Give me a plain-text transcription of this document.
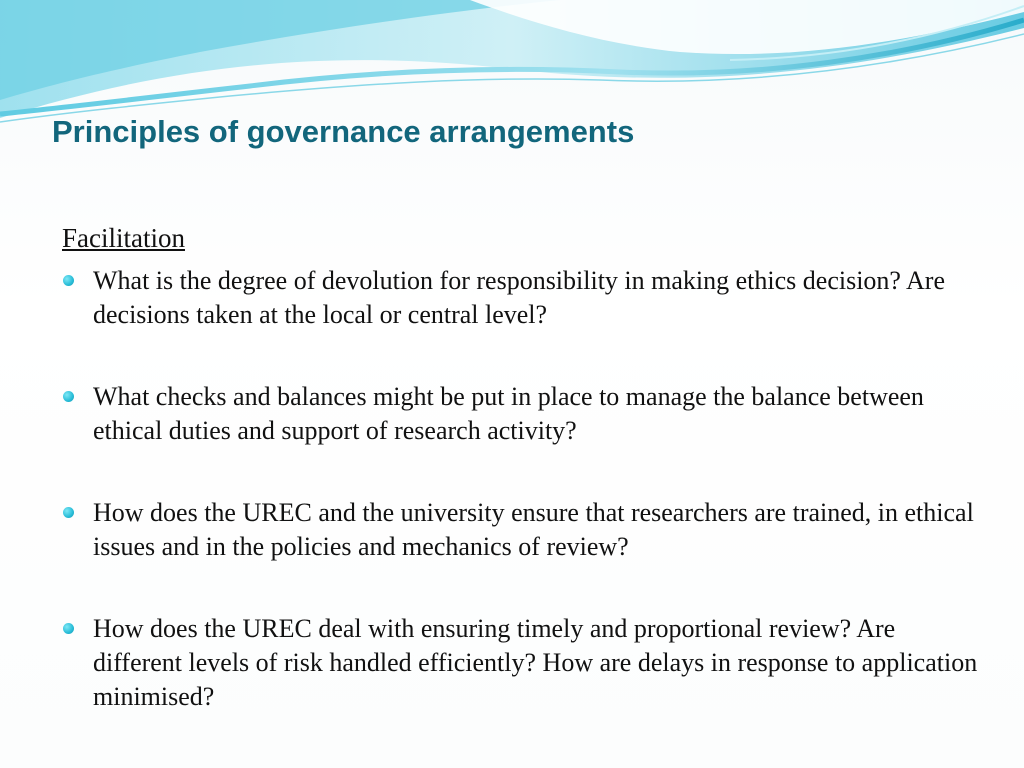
Principles of governance arrangements
Facilitation
What is the degree of devolution for responsibility in making ethics decision? Are decisions taken at the local or central level?
What checks and balances might be put in place to manage the balance between ethical duties and support of research activity?
How does the UREC and the university ensure that researchers are trained, in ethical issues and in the policies and mechanics of review?
How does the UREC deal with ensuring timely and proportional review? Are different levels of risk handled efficiently? How are delays in response to application minimised?
